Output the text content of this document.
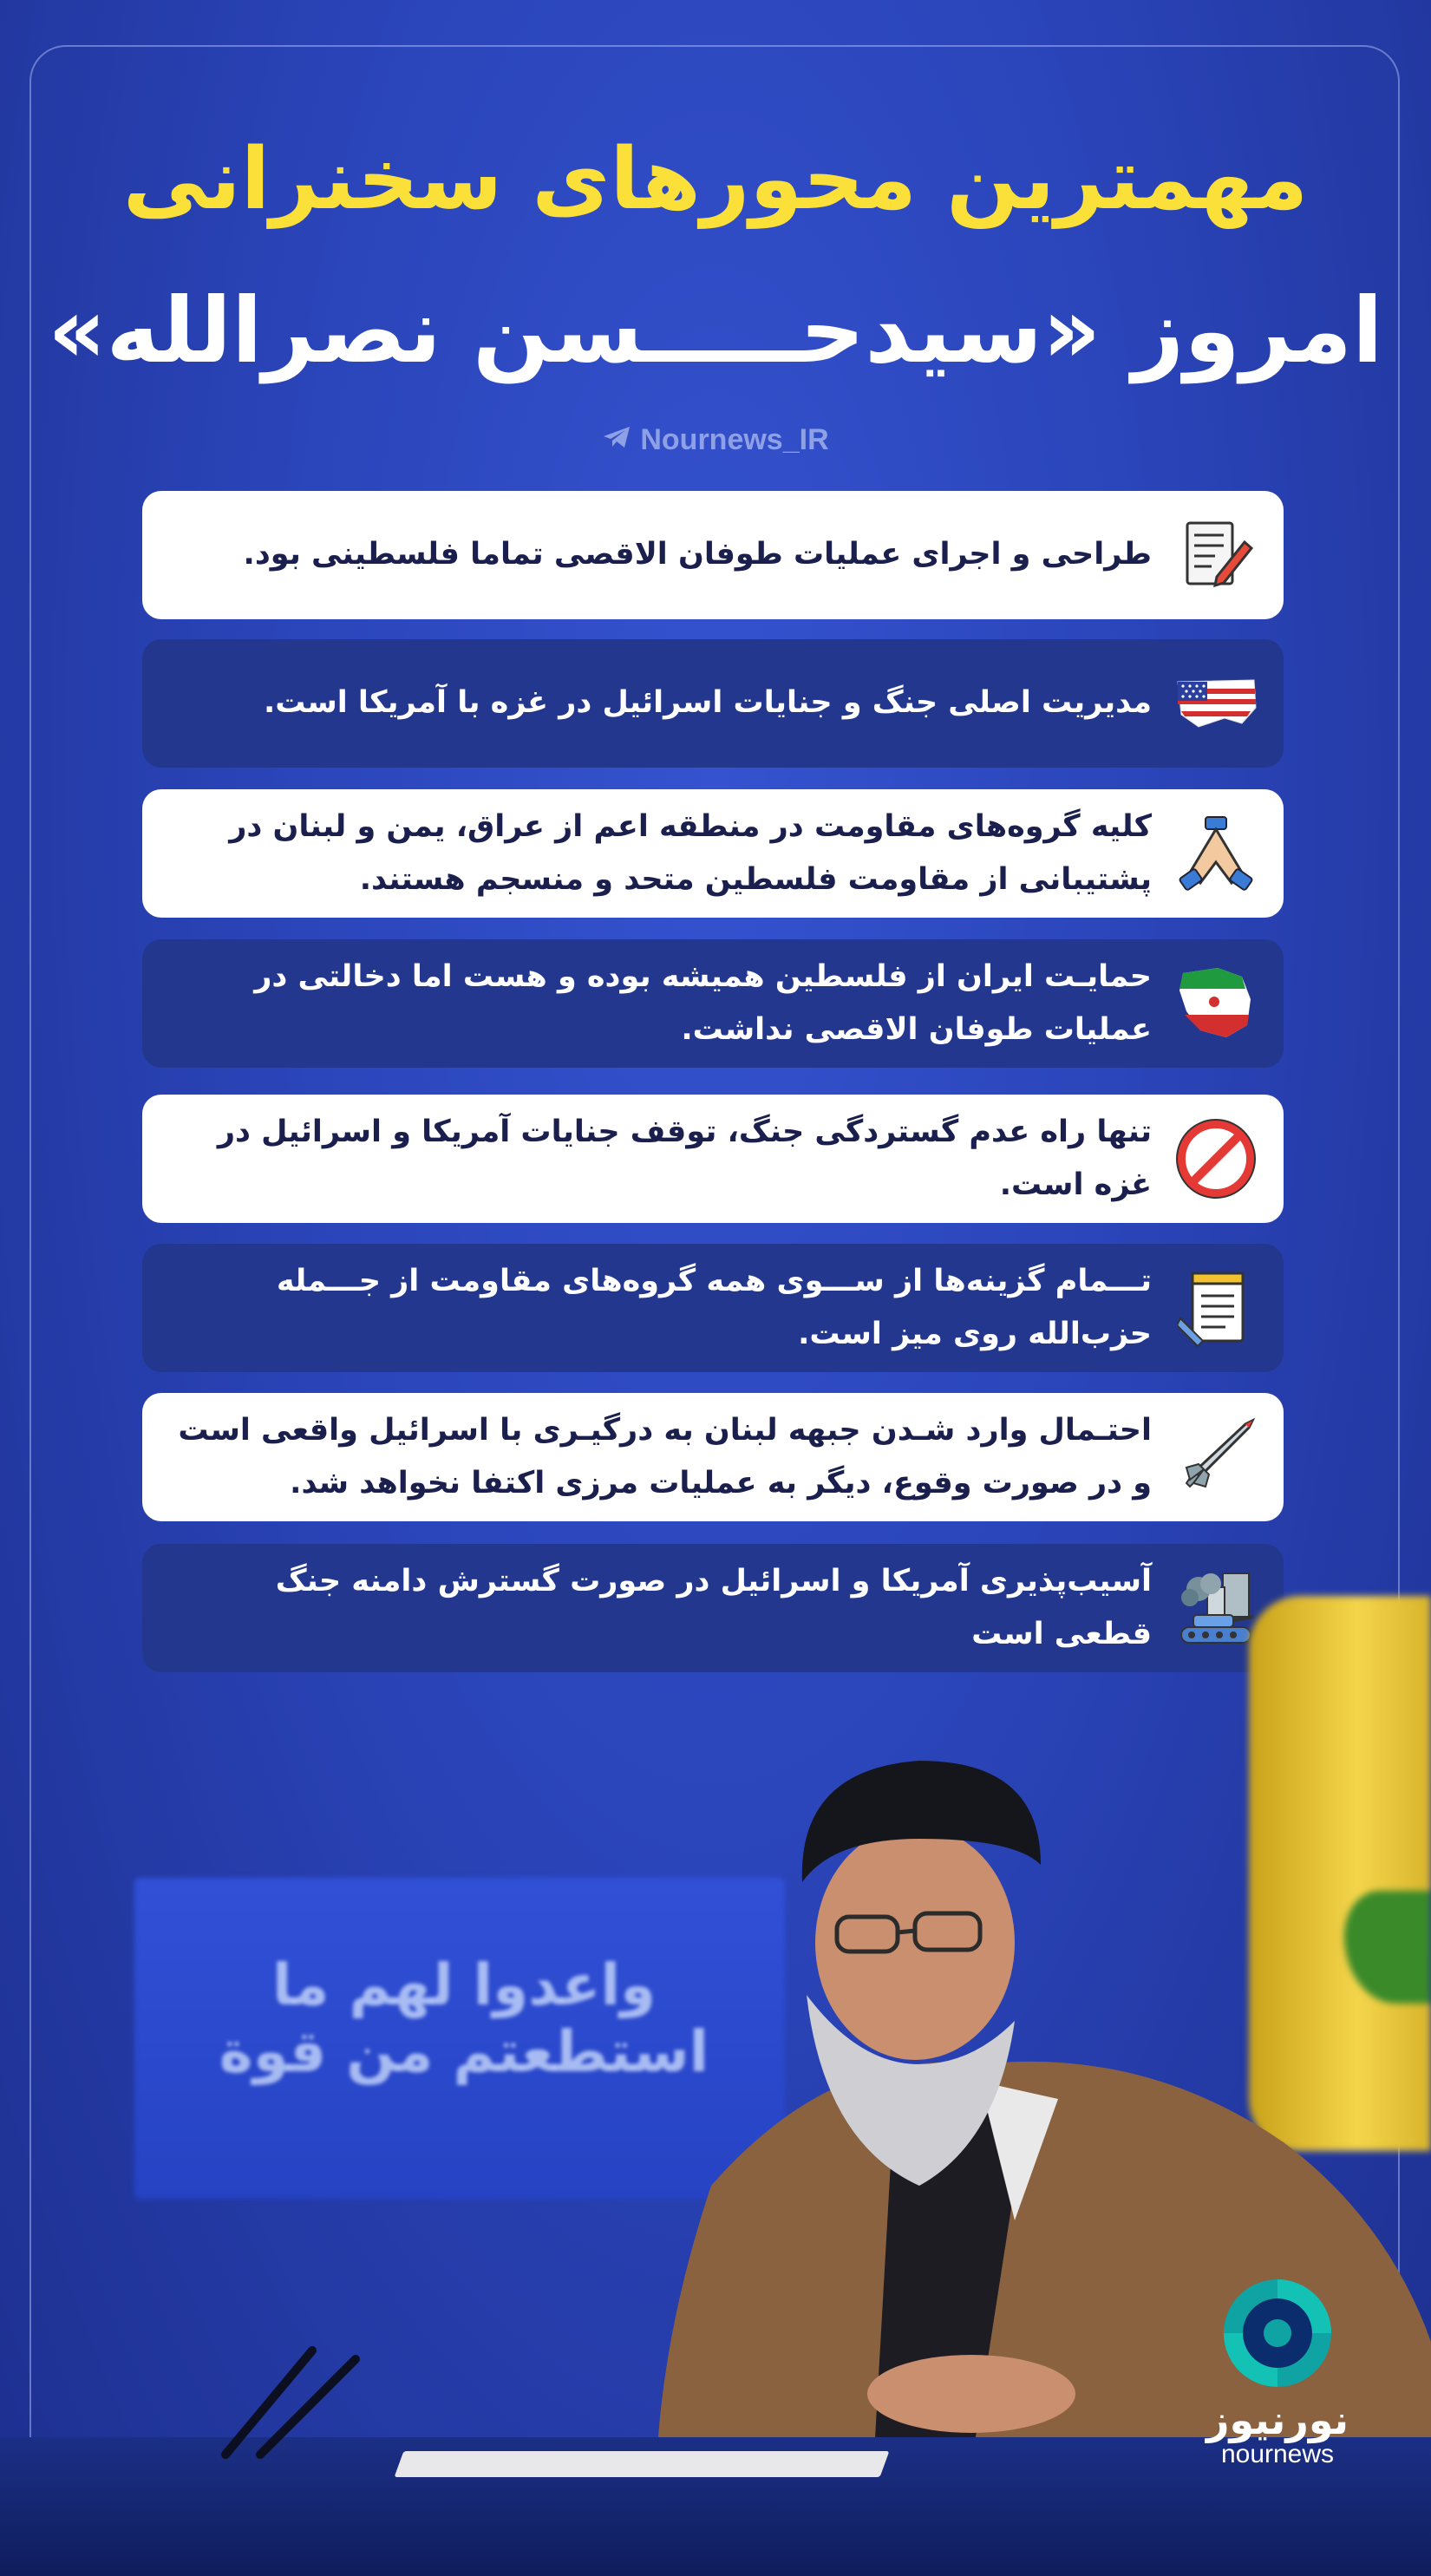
مهمترین محورهای سخنرانی
امروز «سیدحـــــسن نصرالله»
Nournews_IR
طراحی و اجرای عملیات طوفان الاقصی تماما فلسطینی بود.
مدیریت اصلی جنگ و جنایات اسرائیل در غزه با آمریکا است.
کلیه گروه‌های مقاومت در منطقه اعم از عراق، یمن و لبنان در پشتیبانی از مقاومت فلسطین متحد و منسجم هستند.
حمایـت ایران از فلسطین همیشه بوده و هست اما دخالتی در عملیات طوفان الاقصی نداشت.
تنها راه عدم گستردگی جنگ، توقف جنایات آمریکا و اسرائیل در غزه است.
تـــمام گزینه‌ها از ســـوی همه گروه‌های مقاومت از جـــمله حزب‌الله روی میز است.
احتـمال وارد شـدن جبهه لبنان به درگیـری با اسرائیل واقعی است و در صورت وقوع، دیگر به عملیات مرزی اکتفا نخواهد شد.
آسیب‌پذیری آمریکا و اسرائیل در صورت گسترش دامنه جنگ قطعی است
واعدوا لهم ما استطعتم من قوة
نورنیوز
nournews
